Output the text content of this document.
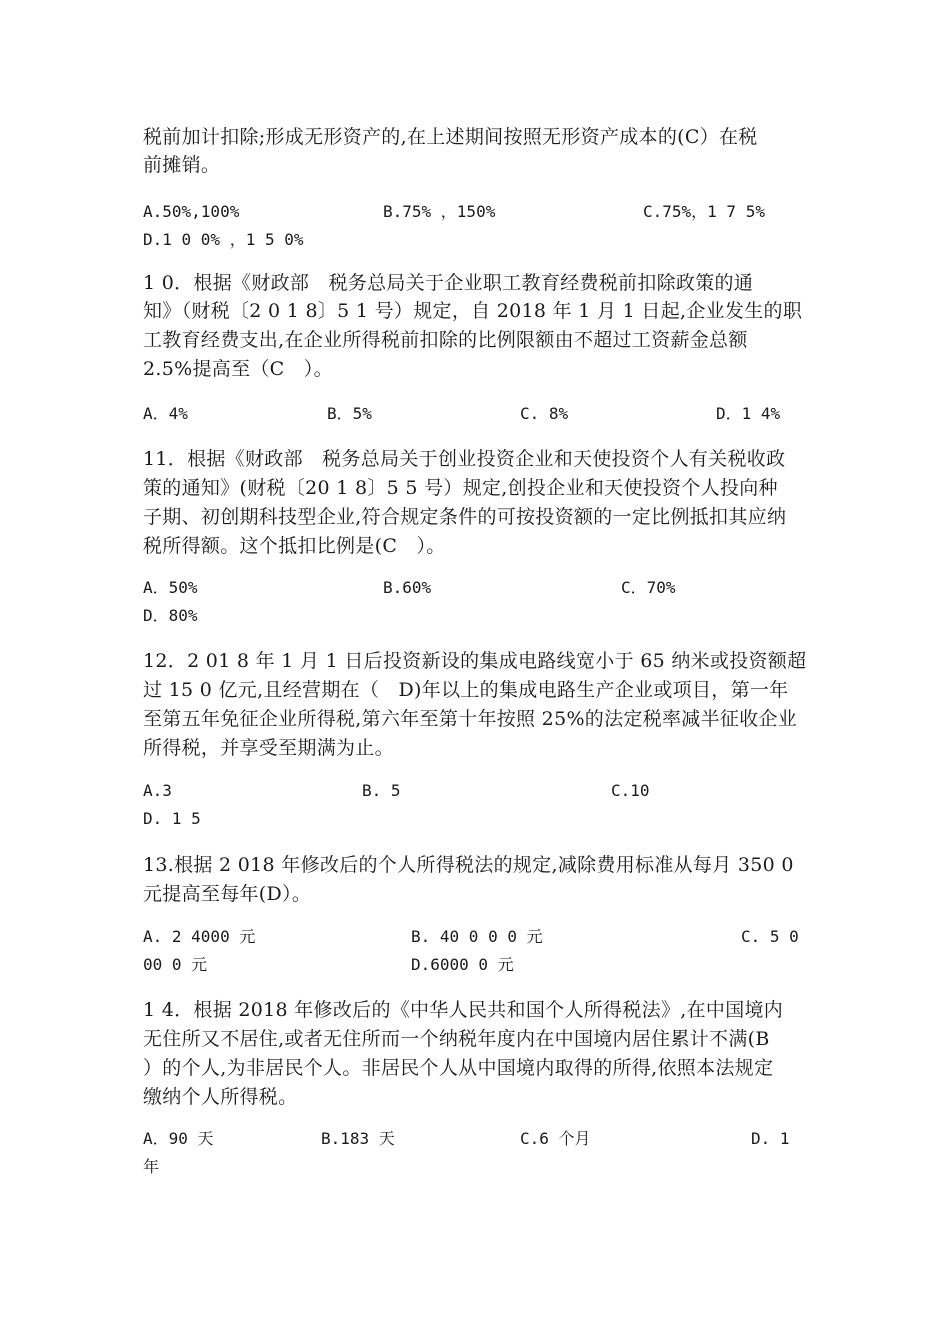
税前加计扣除;形成无形资产的,在上述期间按照无形资产成本的(C）在税
前摊销。
A.50%,100%	B.75% ，150%	C.75%，1 7 5%
D.1 0 0% ，1 5 0%
1 0．根据《财政部　税务总局关于企业职工教育经费税前扣除政策的通
知》（财税〔2 0 1 8〕5 1 号）规定，自 2018 年 1 月 1 日起,企业发生的职
工教育经费支出,在企业所得税前扣除的比例限额由不超过工资薪金总额
2.5%提高至（C　）。
A．4%	B．5%	C. 8%	D．1 4%
11．根据《财政部　税务总局关于创业投资企业和天使投资个人有关税收政
策的通知》(财税〔20 1 8〕5 5 号）规定,创投企业和天使投资个人投向种
子期、初创期科技型企业,符合规定条件的可按投资额的一定比例抵扣其应纳
税所得额。这个抵扣比例是(C　）。
A．50%	B.60%	C．70%
D．80%
12．2 01 8 年 1 月 1 日后投资新设的集成电路线宽小于 65 纳米或投资额超
过 15 0 亿元,且经营期在（　D)年以上的集成电路生产企业或项目，第一年
至第五年免征企业所得税,第六年至第十年按照 25%的法定税率减半征收企业
所得税，并享受至期满为止。
A.3	B. 5	C.10
D. 1 5
13.根据 2 018 年修改后的个人所得税法的规定,减除费用标准从每月 350 0
元提高至每年(D）。
A. 2 4000 元	B. 40 0 0 0 元	C. 5 0
00 0 元	D.6000 0 元
1 4．根据 2018 年修改后的《中华人民共和国个人所得税法》,在中国境内
无住所又不居住,或者无住所而一个纳税年度内在中国境内居住累计不满(B
）的个人,为非居民个人。非居民个人从中国境内取得的所得,依照本法规定
缴纳个人所得税。
A．90 天	B.183 天	C.6 个月	D. 1
年
